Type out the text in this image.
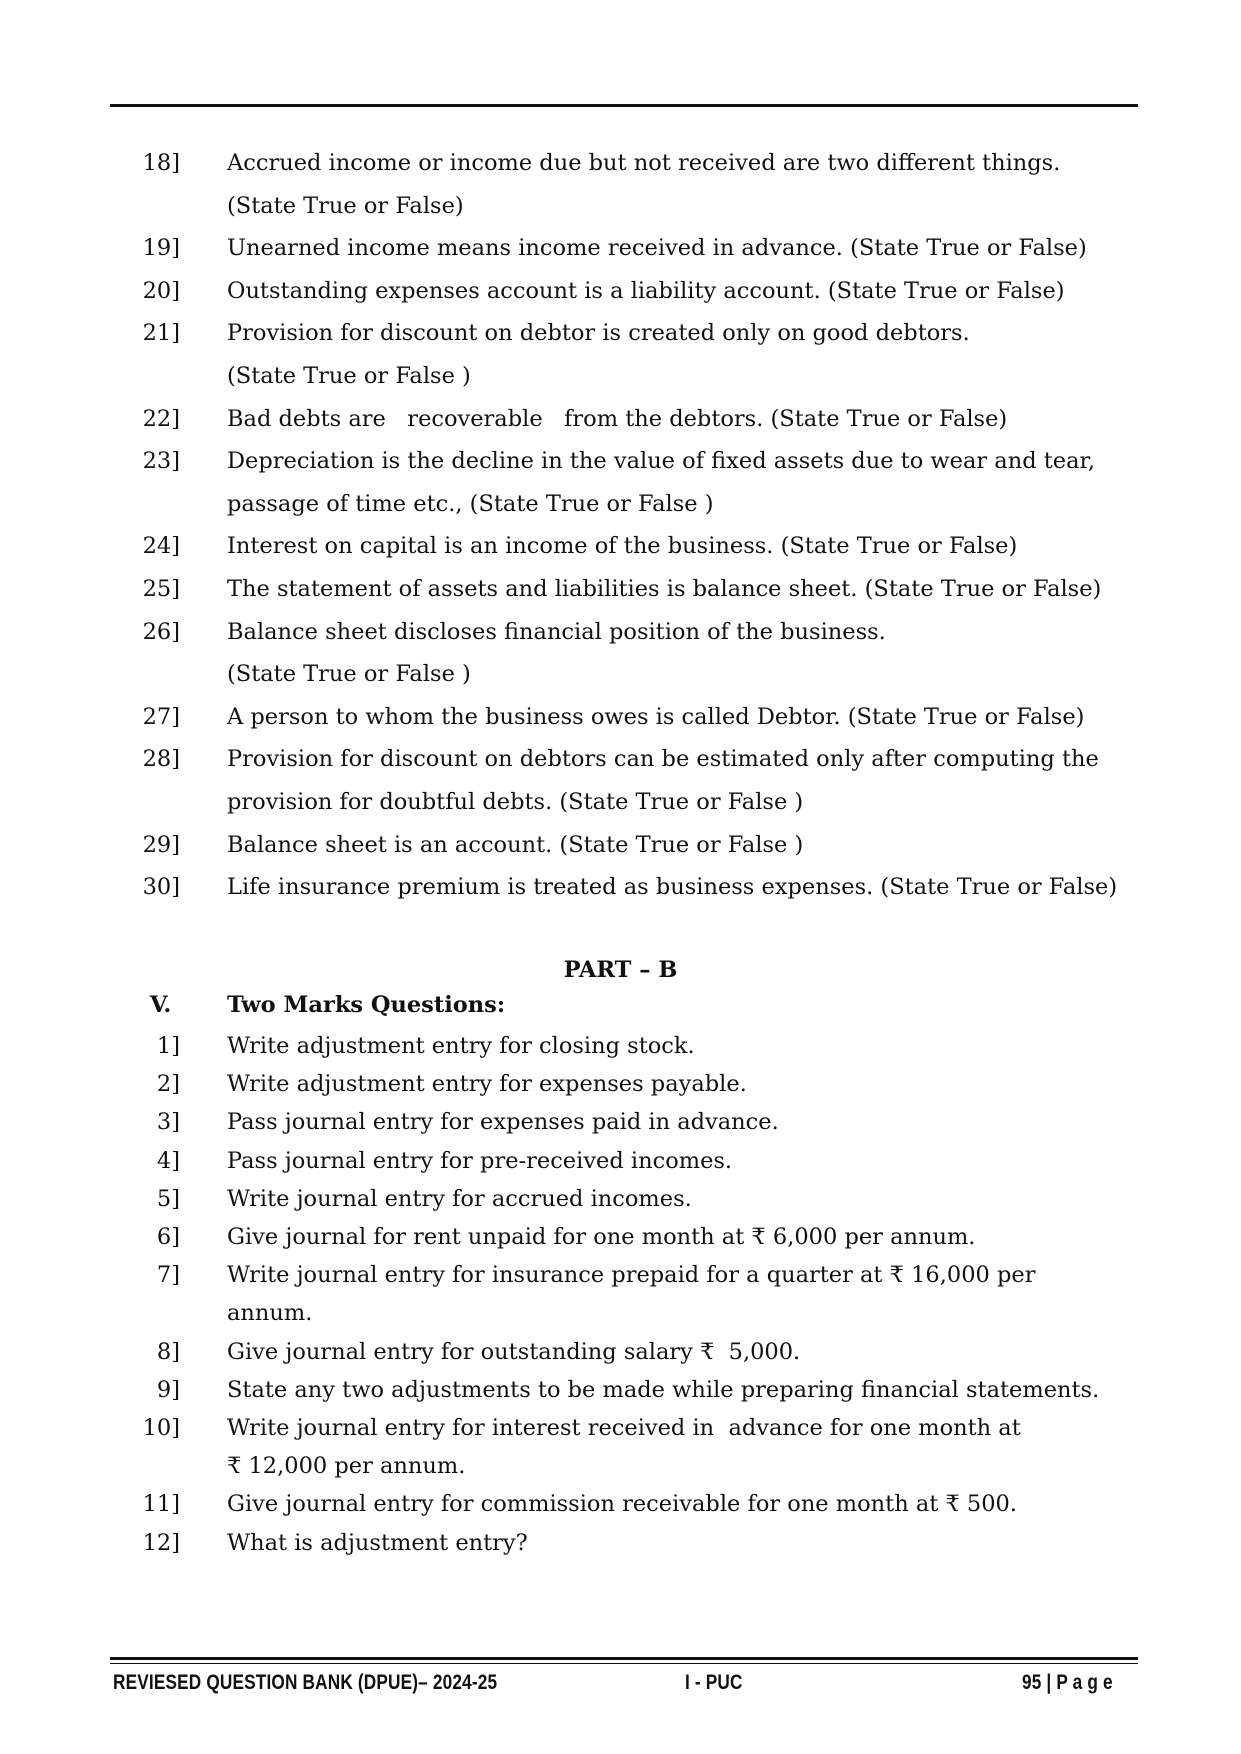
18] Accrued income or income due but not received are two different things.
(State True or False)
19] Unearned income means income received in advance. (State True or False)
20] Outstanding expenses account is a liability account. (State True or False)
21] Provision for discount on debtor is created only on good debtors.
(State True or False )
22] Bad debts are   recoverable   from the debtors. (State True or False)
23] Depreciation is the decline in the value of fixed assets due to wear and tear,
passage of time etc., (State True or False )
24] Interest on capital is an income of the business. (State True or False)
25] The statement of assets and liabilities is balance sheet. (State True or False)
26] Balance sheet discloses financial position of the business.
(State True or False )
27] A person to whom the business owes is called Debtor. (State True or False)
28] Provision for discount on debtors can be estimated only after computing the
provision for doubtful debts. (State True or False )
29] Balance sheet is an account. (State True or False )
30] Life insurance premium is treated as business expenses. (State True or False)
PART – B
V. Two Marks Questions:
1] Write adjustment entry for closing stock.
2] Write adjustment entry for expenses payable.
3] Pass journal entry for expenses paid in advance.
4] Pass journal entry for pre-received incomes.
5] Write journal entry for accrued incomes.
6] Give journal for rent unpaid for one month at ₹ 6,000 per annum.
7] Write journal entry for insurance prepaid for a quarter at ₹ 16,000 per
annum.
8] Give journal entry for outstanding salary ₹  5,000.
9] State any two adjustments to be made while preparing financial statements.
10] Write journal entry for interest received in  advance for one month at
₹ 12,000 per annum.
11] Give journal entry for commission receivable for one month at ₹ 500.
12] What is adjustment entry?
REVIESED QUESTION BANK (DPUE)– 2024-25	I - PUC	95 | P a g e
